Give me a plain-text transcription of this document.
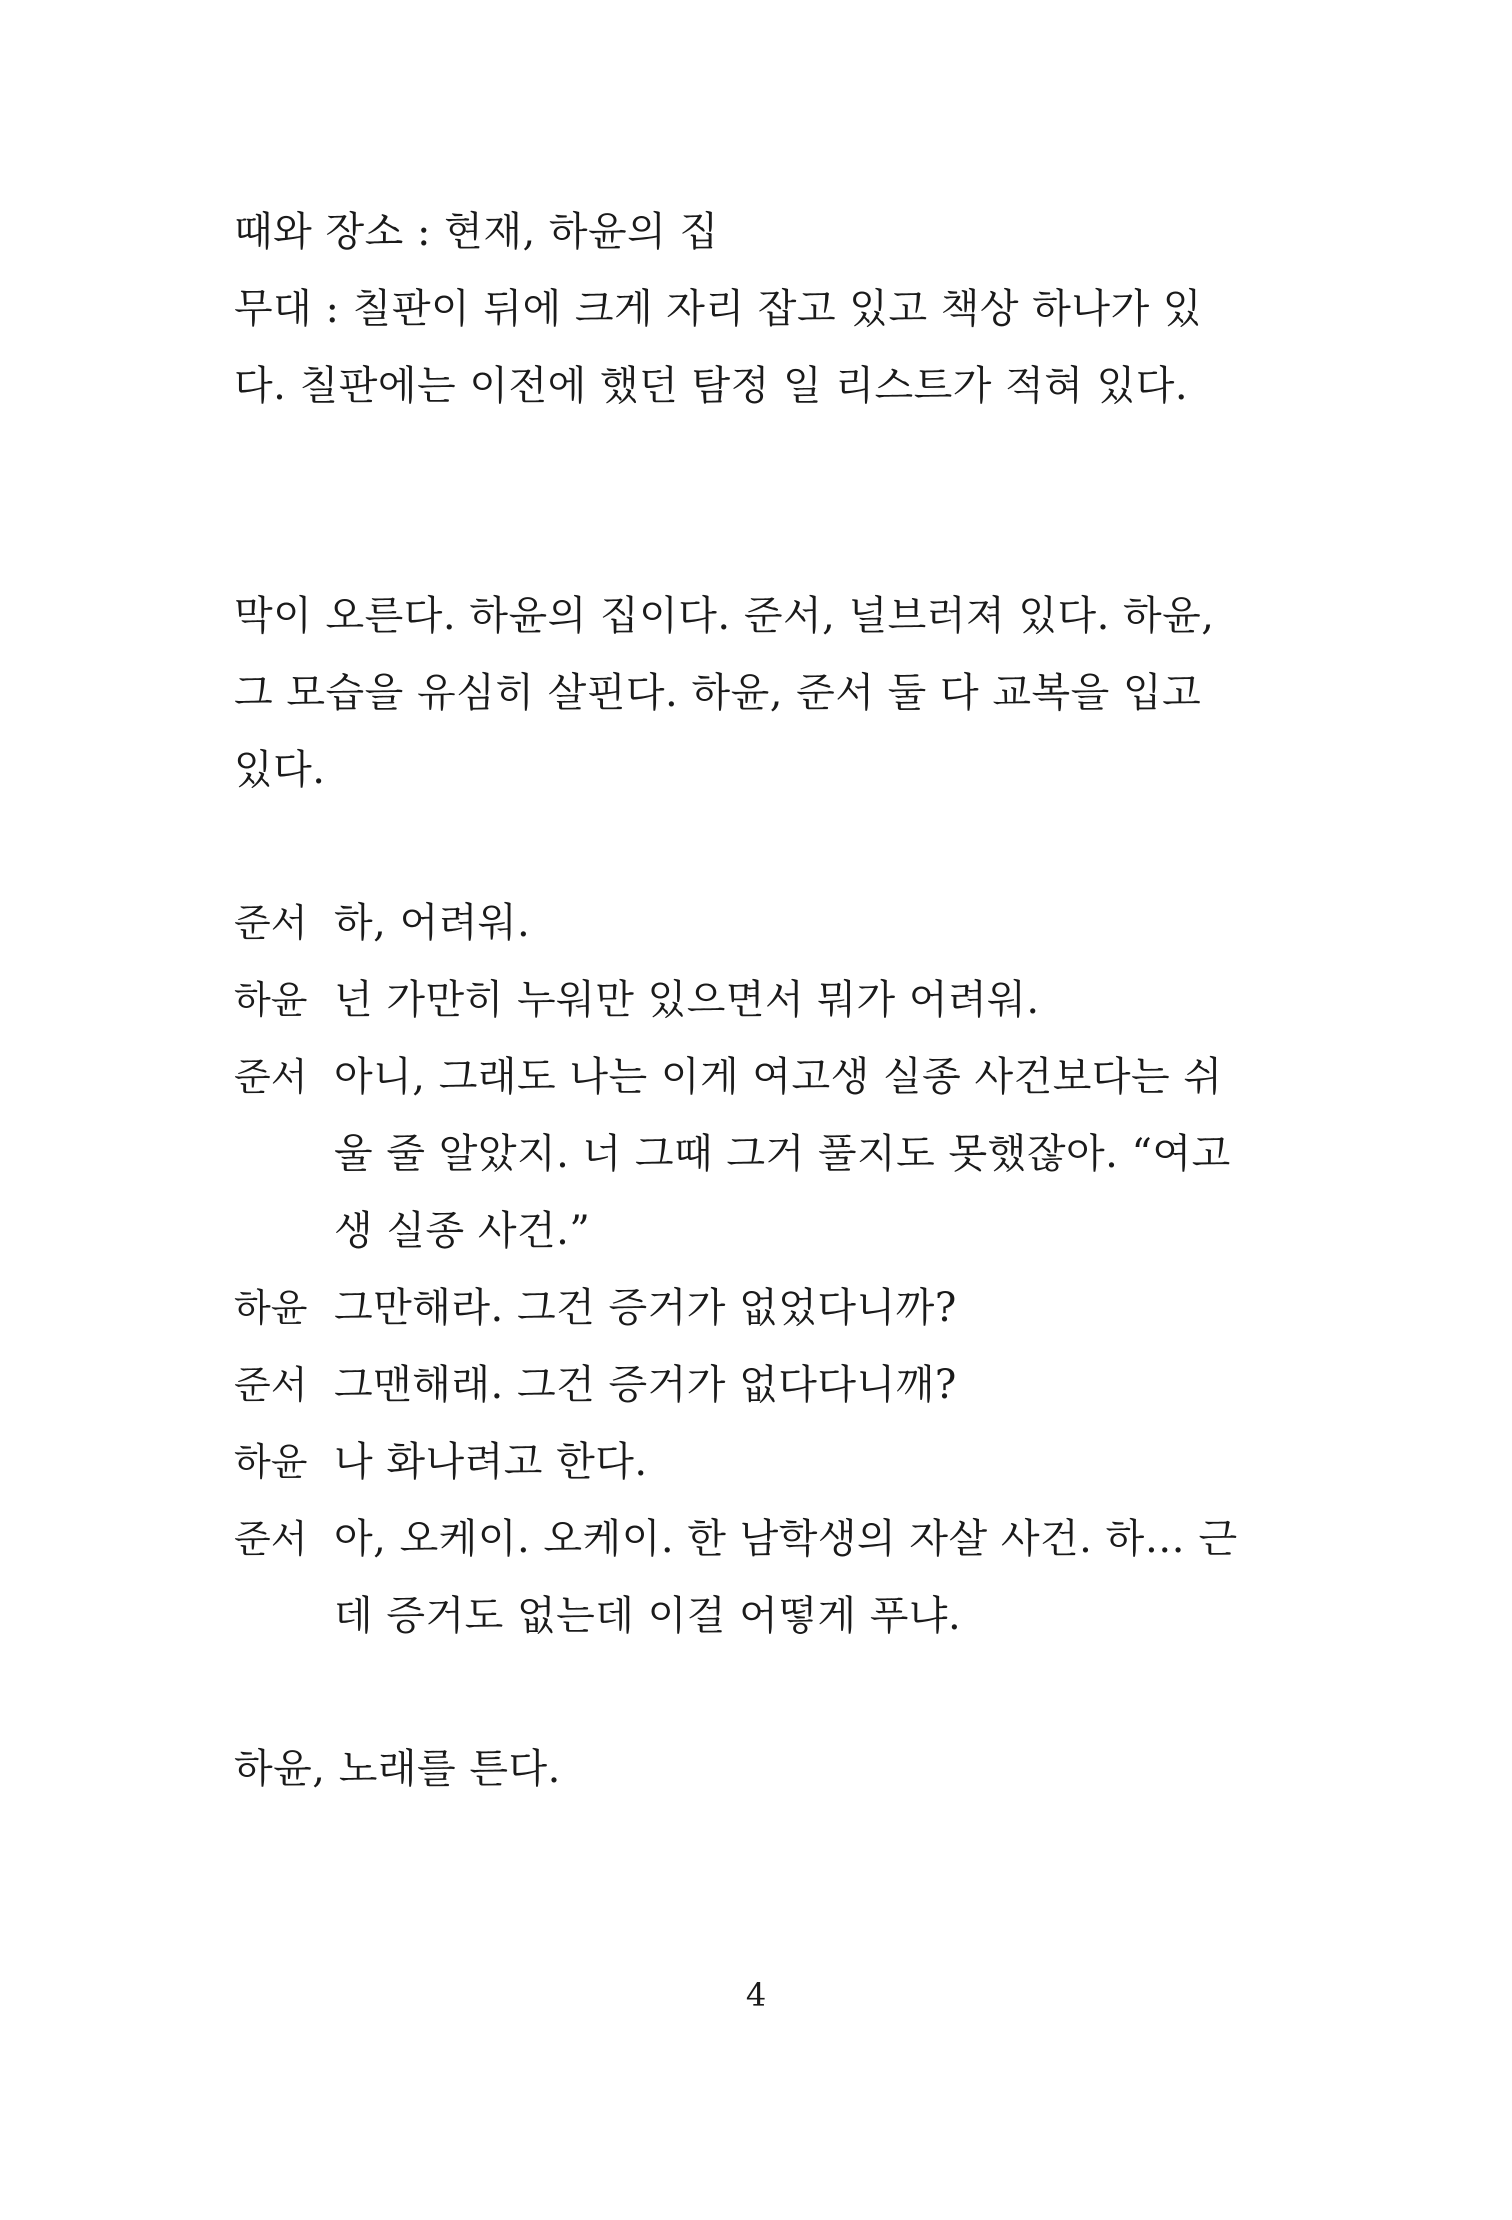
때와 장소 : 현재, 하윤의 집
무대 : 칠판이 뒤에 크게 자리 잡고 있고 책상 하나가 있
다. 칠판에는 이전에 했던 탐정 일 리스트가 적혀 있다.
막이 오른다. 하윤의 집이다. 준서, 널브러져 있다. 하윤,
그 모습을 유심히 살핀다. 하윤, 준서 둘 다 교복을 입고
있다.
준서 하, 어려워.
하윤 넌 가만히 누워만 있으면서 뭐가 어려워.
준서 아니, 그래도 나는 이게 여고생 실종 사건보다는 쉬
울 줄 알았지. 너 그때 그거 풀지도 못했잖아. “여고
생 실종 사건.”
하윤 그만해라. 그건 증거가 없었다니까?
준서 그맨해래. 그건 증거가 없다다니깨?
하윤 나 화나려고 한다.
준서 아, 오케이. 오케이. 한 남학생의 자살 사건. 하… 근
데 증거도 없는데 이걸 어떻게 푸냐.
하윤, 노래를 튼다.
4
